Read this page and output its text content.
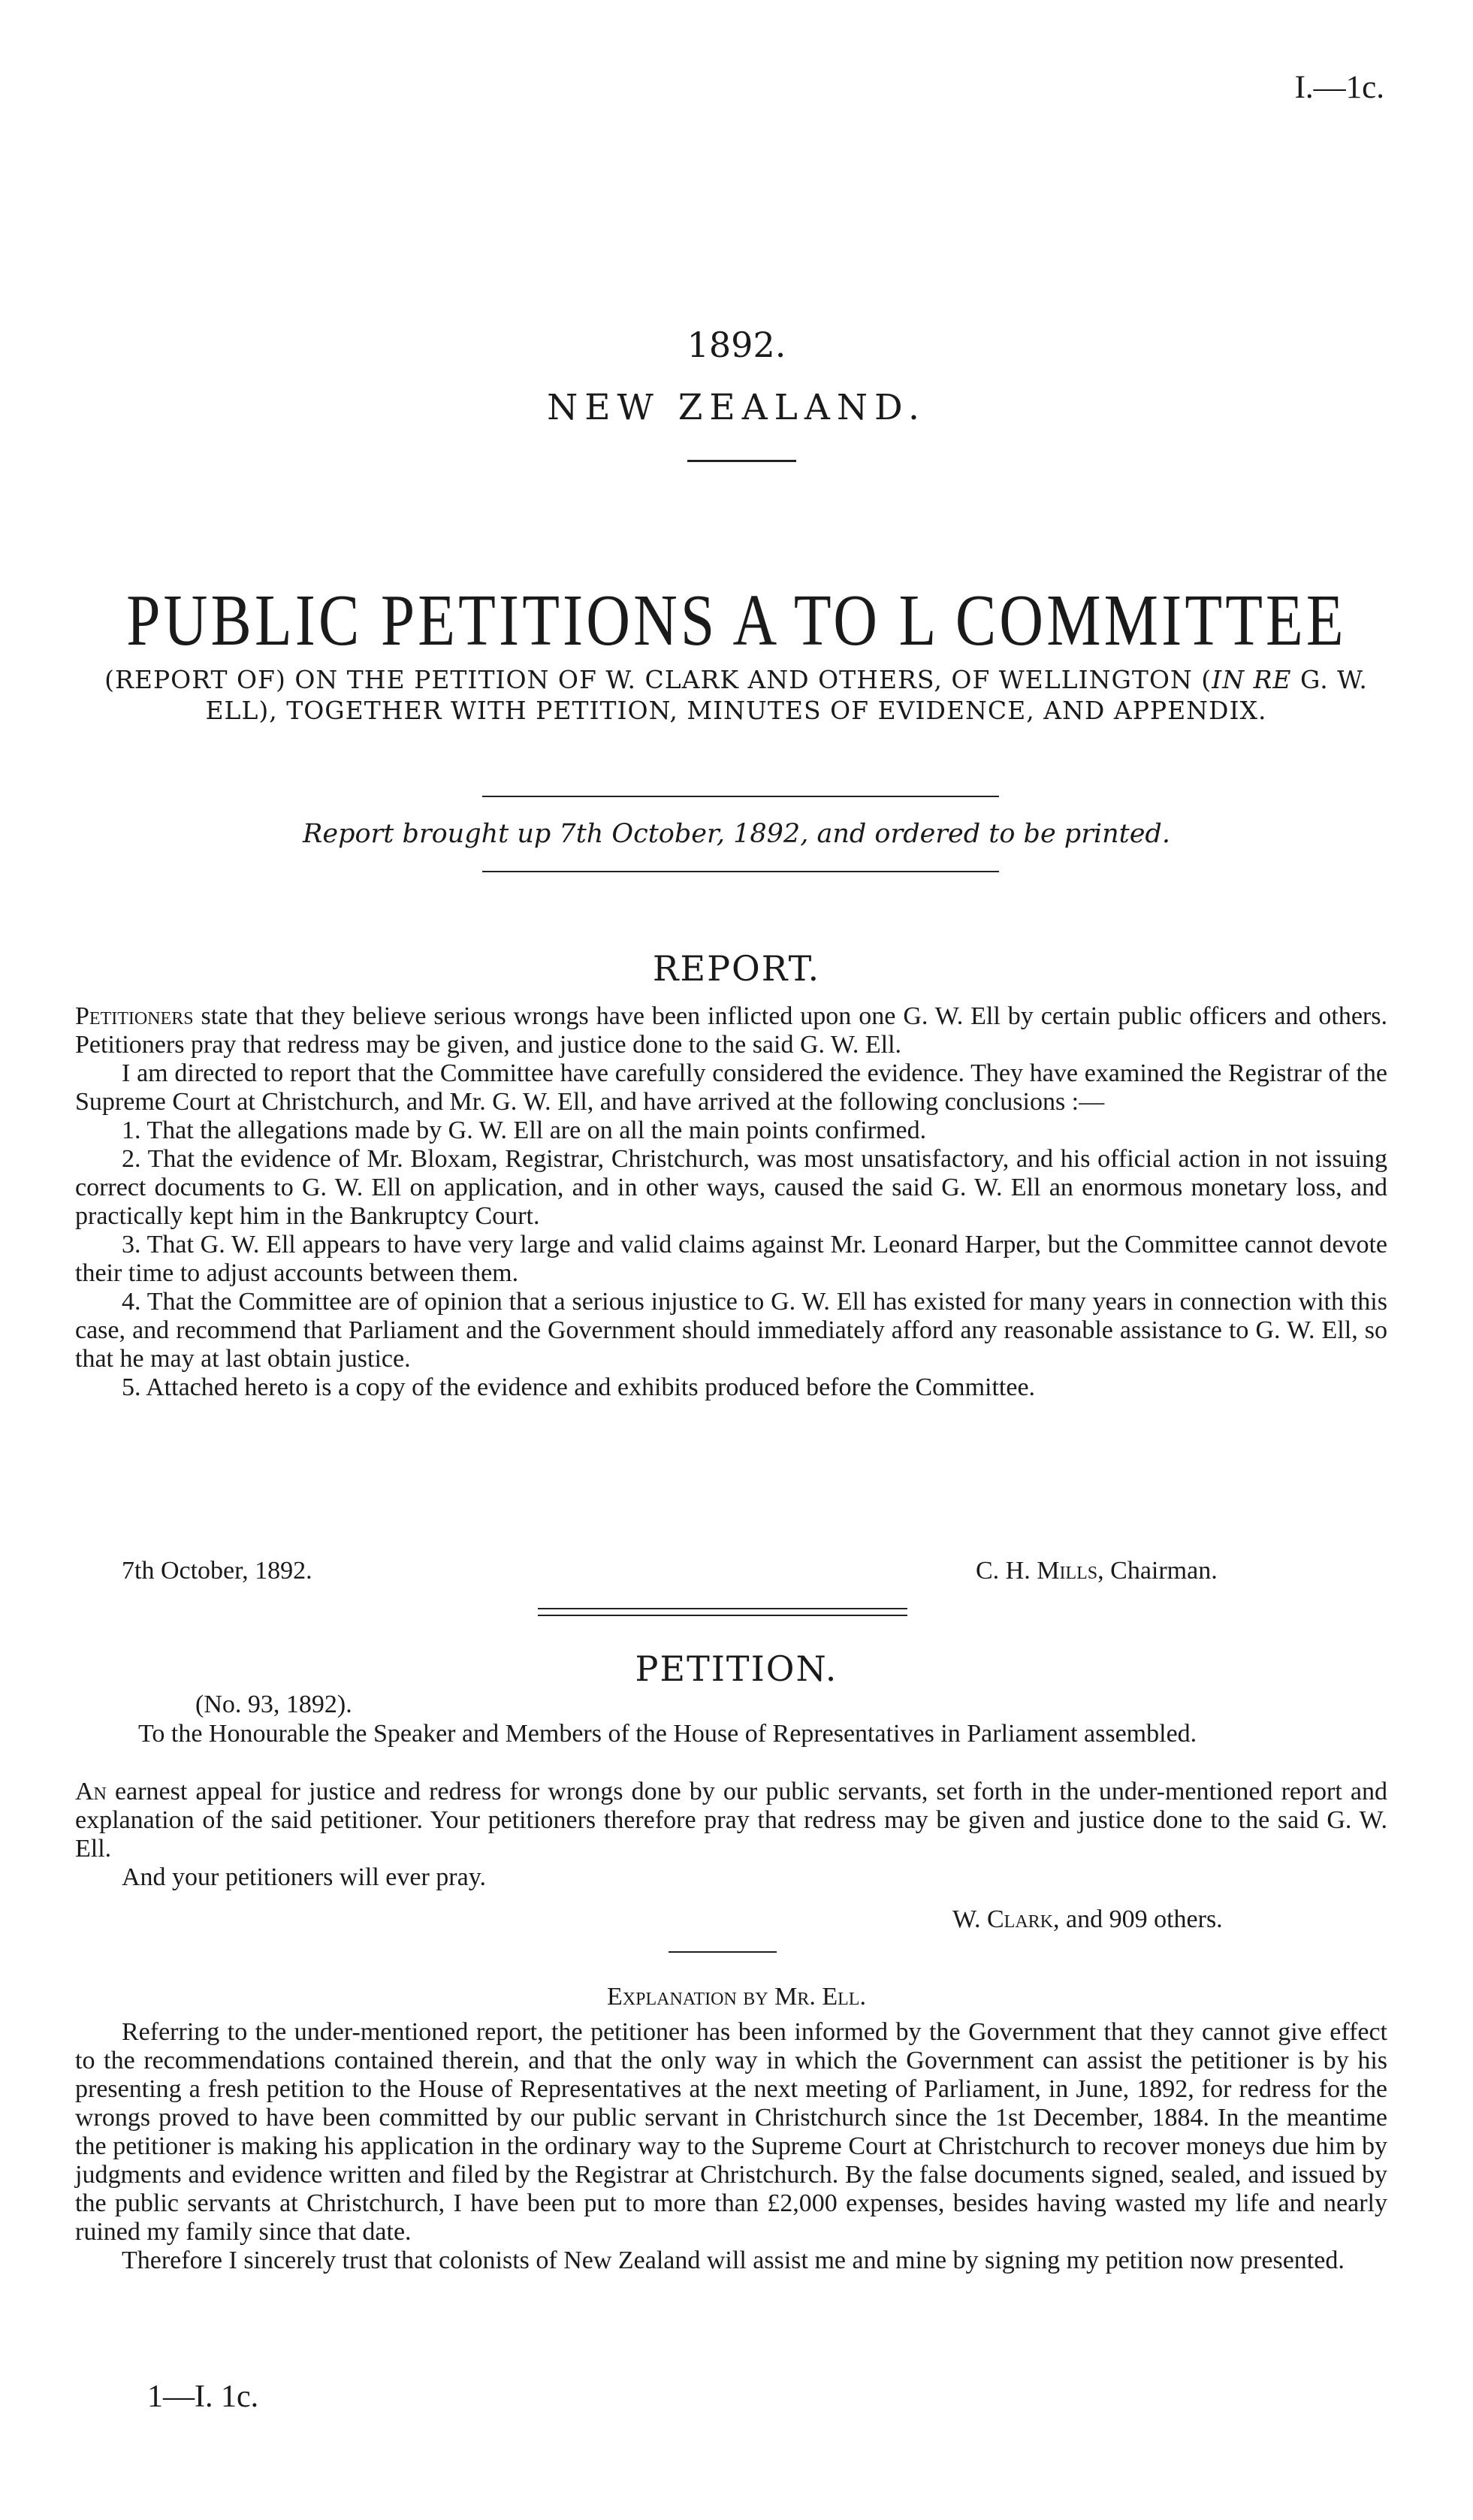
I.—1c.
1892.
NEW ZEALAND.
PUBLIC PETITIONS A TO L COMMITTEE
(REPORT OF) ON THE PETITION OF W. CLARK AND OTHERS, OF WELLINGTON (IN RE G. W. ELL), TOGETHER WITH PETITION, MINUTES OF EVIDENCE, AND APPENDIX.
Report brought up 7th October, 1892, and ordered to be printed.
REPORT.
Petitioners state that they believe serious wrongs have been inflicted upon one G. W. Ell by certain public officers and others. Petitioners pray that redress may be given, and justice done to the said G. W. Ell.
I am directed to report that the Committee have carefully considered the evidence. They have examined the Registrar of the Supreme Court at Christchurch, and Mr. G. W. Ell, and have arrived at the following conclusions :—
1. That the allegations made by G. W. Ell are on all the main points confirmed.
2. That the evidence of Mr. Bloxam, Registrar, Christchurch, was most unsatisfactory, and his official action in not issuing correct documents to G. W. Ell on application, and in other ways, caused the said G. W. Ell an enormous monetary loss, and practically kept him in the Bankruptcy Court.
3. That G. W. Ell appears to have very large and valid claims against Mr. Leonard Harper, but the Committee cannot devote their time to adjust accounts between them.
4. That the Committee are of opinion that a serious injustice to G. W. Ell has existed for many years in connection with this case, and recommend that Parliament and the Government should immediately afford any reasonable assistance to G. W. Ell, so that he may at last obtain justice.
5. Attached hereto is a copy of the evidence and exhibits produced before the Committee.
7th October, 1892.	C. H. Mills, Chairman.
PETITION.
(No. 93, 1892).
To the Honourable the Speaker and Members of the House of Representatives in Parliament assembled.
An earnest appeal for justice and redress for wrongs done by our public servants, set forth in the under-mentioned report and explanation of the said petitioner. Your petitioners therefore pray that redress may be given and justice done to the said G. W. Ell.
And your petitioners will ever pray.
W. Clark, and 909 others.
Explanation by Mr. Ell.
Referring to the under-mentioned report, the petitioner has been informed by the Government that they cannot give effect to the recommendations contained therein, and that the only way in which the Government can assist the petitioner is by his presenting a fresh petition to the House of Representatives at the next meeting of Parliament, in June, 1892, for redress for the wrongs proved to have been committed by our public servant in Christchurch since the 1st December, 1884. In the meantime the petitioner is making his application in the ordinary way to the Supreme Court at Christchurch to recover moneys due him by judgments and evidence written and filed by the Registrar at Christchurch. By the false documents signed, sealed, and issued by the public servants at Christchurch, I have been put to more than £2,000 expenses, besides having wasted my life and nearly ruined my family since that date.
Therefore I sincerely trust that colonists of New Zealand will assist me and mine by signing my petition now presented.
1—I. 1c.
